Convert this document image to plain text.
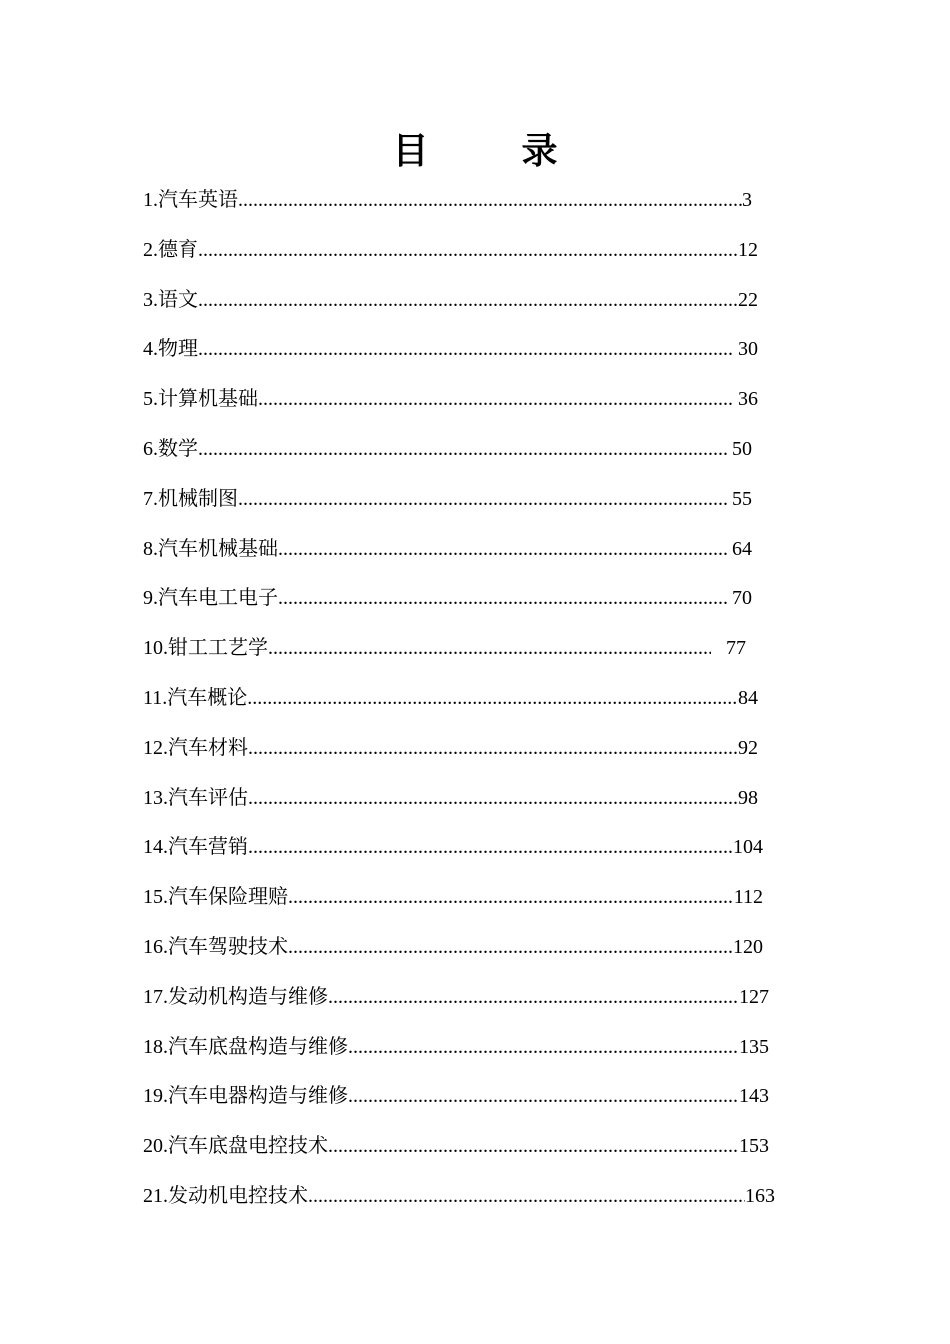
目 录
1.汽车英语 .....	3
2.德育 .....	12
3.语文 .....	22
4.物理 .....	30
5.计算机基础 .....	36
6.数学 .....	50
7.机械制图 .....	55
8.汽车机械基础 .....	64
9.汽车电工电子 .....	70
10.钳工工艺学 .....	77
11.汽车概论 .....	84
12.汽车材料 .....	92
13.汽车评估 .....	98
14.汽车营销 .....	104
15.汽车保险理赔 .....	112
16.汽车驾驶技术 .....	120
17.发动机构造与维修 .....	127
18.汽车底盘构造与维修 .....	135
19.汽车电器构造与维修 .....	143
20.汽车底盘电控技术 .....	153
21.发动机电控技术 .....	163
